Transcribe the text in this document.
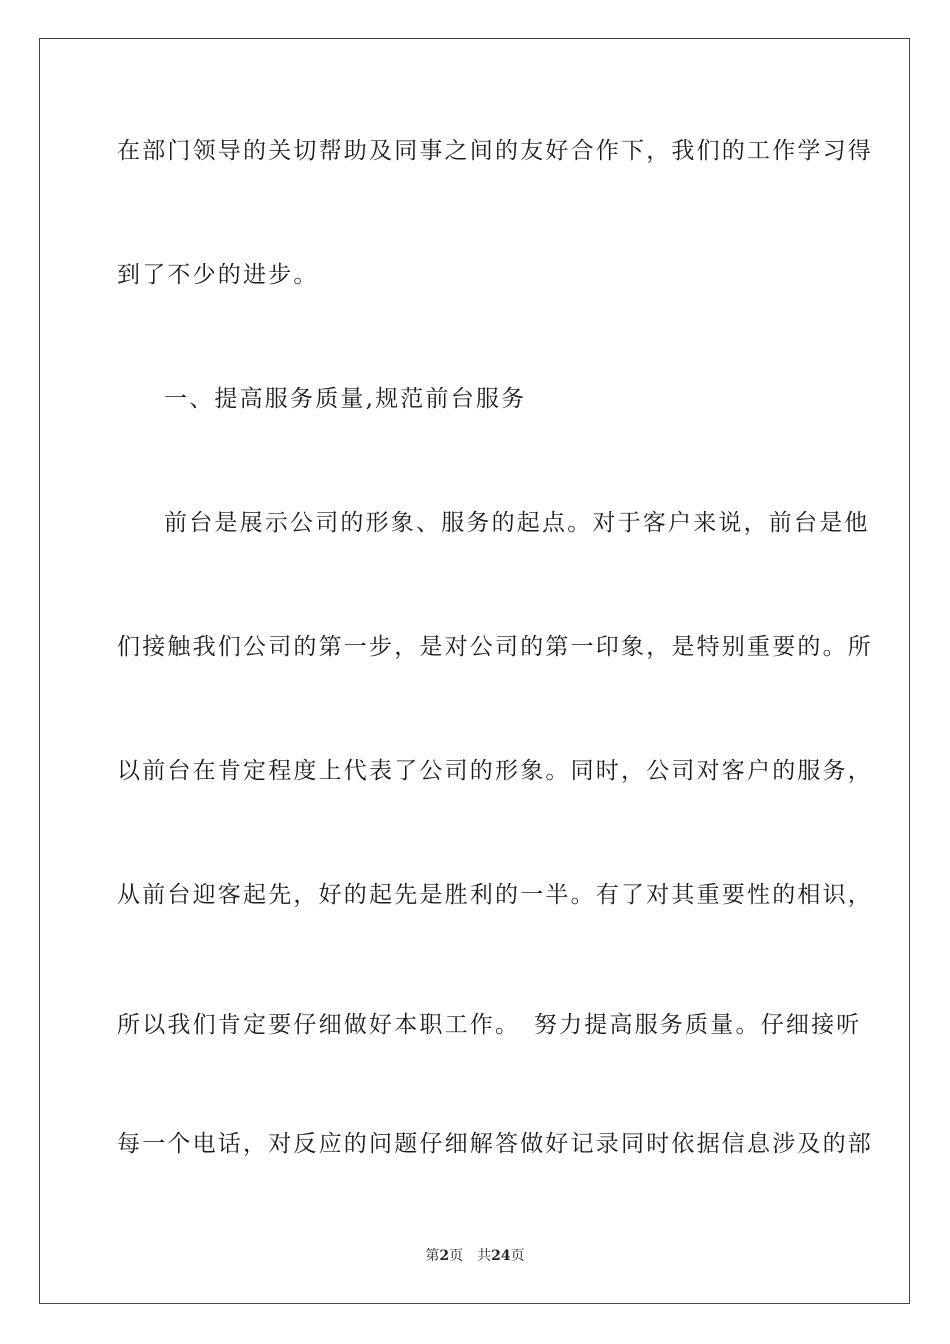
在部门领导的关切帮助及同事之间的友好合作下，我们的工作学习得
到了不少的进步。
一、提高服务质量,规范前台服务
前台是展示公司的形象、服务的起点。对于客户来说，前台是他
们接触我们公司的第一步，是对公司的第一印象，是特别重要的。所
以前台在肯定程度上代表了公司的形象。同时，公司对客户的服务，
从前台迎客起先，好的起先是胜利的一半。有了对其重要性的相识，
所以我们肯定要仔细做好本职工作。　努力提高服务质量。仔细接听
每一个电话，对反应的问题仔细解答做好记录同时依据信息涉及的部
第2页 共24页
